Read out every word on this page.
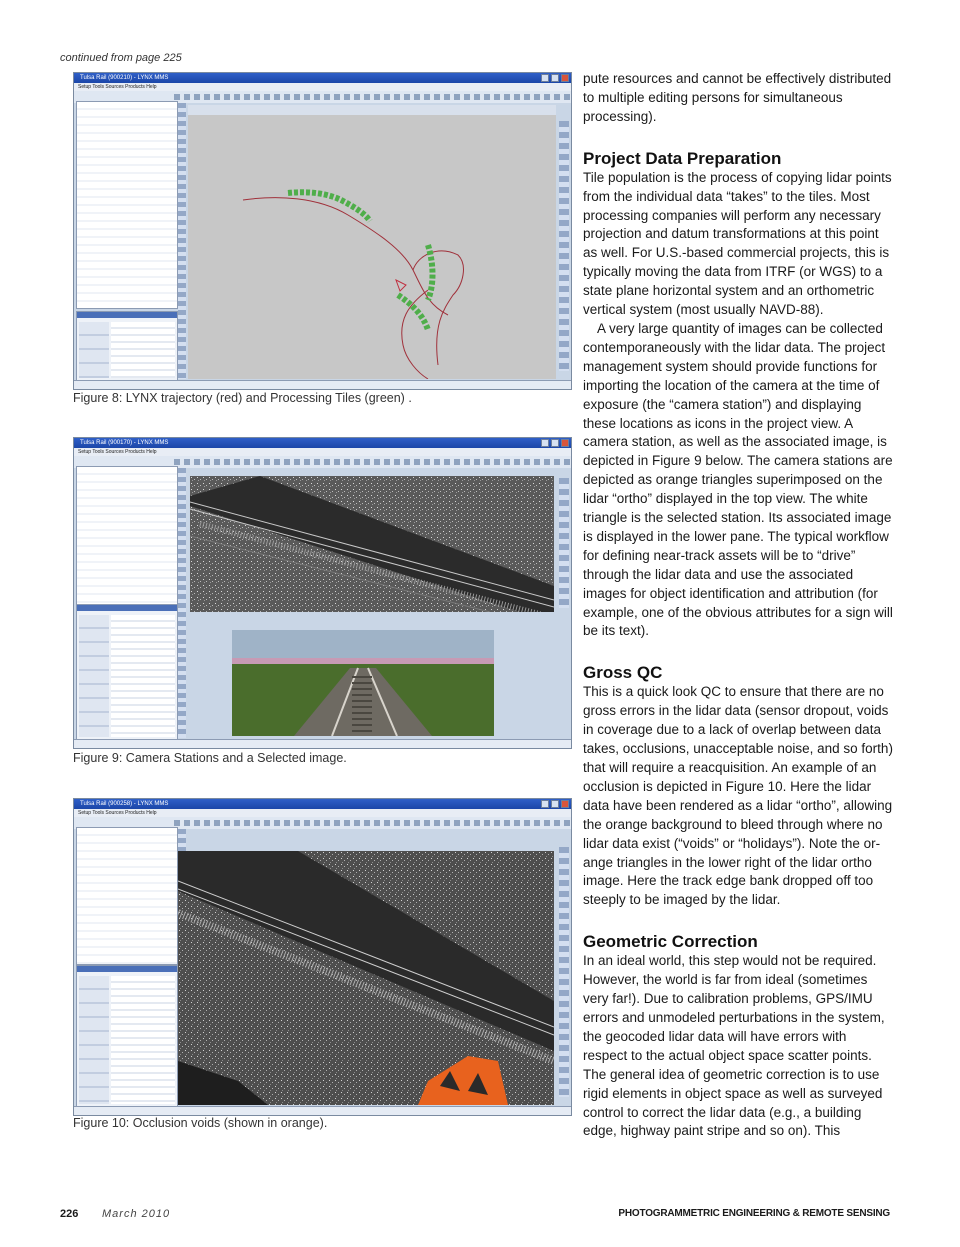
continued from page 225
Tulsa Rail (900210) - LYNX MMS
Setup Tools Sources Products Help
Figure 8: LYNX trajectory (red) and Processing Tiles (green) .
Tulsa Rail (900170) - LYNX MMS
Setup Tools Sources Products Help
Figure 9: Camera Stations and a Selected image.
Tulsa Rail (900258) - LYNX MMS
Setup Tools Sources Products Help
Figure 10: Occlusion voids (shown in orange).

pute resources and cannot be effectively distributed to multiple editing persons for simultaneous processing).

Project Data Preparation

Tile population is the process of copying lidar points from the individual data “takes” to the tiles. Most processing companies will perform any necessary projection and datum transformations at this point as well. For U.S.-based commercial projects, this is typically moving the data from ITRF (or WGS) to a state plane horizontal system and an orthometric vertical system (most usually NAVD-88).

A very large quantity of images can be collected contemporaneously with the lidar data. The project management system should provide functions for importing the location of the camera at the time of exposure (the “camera station”) and displaying these locations as icons in the project view. A camera station, as well as the associated image, is depicted in Figure 9 below. The camera stations are depicted as orange triangles superimposed on the lidar “ortho” displayed in the top view. The white triangle is the selected station. Its associated image is displayed in the lower pane. The typical workflow for defining near-track assets will be to “drive” through the lidar data and use the associated images for object identification and attribution (for example, one of the obvious attributes for a sign will be its text).

Gross QC

This is a quick look QC to ensure that there are no gross errors in the lidar data (sensor dropout, voids in coverage due to a lack of overlap between data takes, occlusions, unacceptable noise, and so forth) that will require a reacquisition. An example of an occlusion is depicted in Figure 10. Here the lidar data have been rendered as a lidar “ortho”, allowing the orange background to bleed through where no lidar data exist (“voids” or “holidays”). Note the orange triangles in the lower right of the lidar ortho image. Here the track edge bank dropped off too steeply to be imaged by the lidar.

Geometric Correction

In an ideal world, this step would not be required. However, the world is far from ideal (sometimes very far!). Due to calibration problems, GPS/IMU errors and unmodeled perturbations in the system, the geocoded lidar data will have errors with respect to the actual object space scatter points. The general idea of geometric correction is to use rigid elements in object space as well as surveyed control to correct the lidar data (e.g., a building edge, highway paint stripe and so on). This

226 March 2010	PHOTOGRAMMETRIC ENGINEERING & REMOTE SENSING
